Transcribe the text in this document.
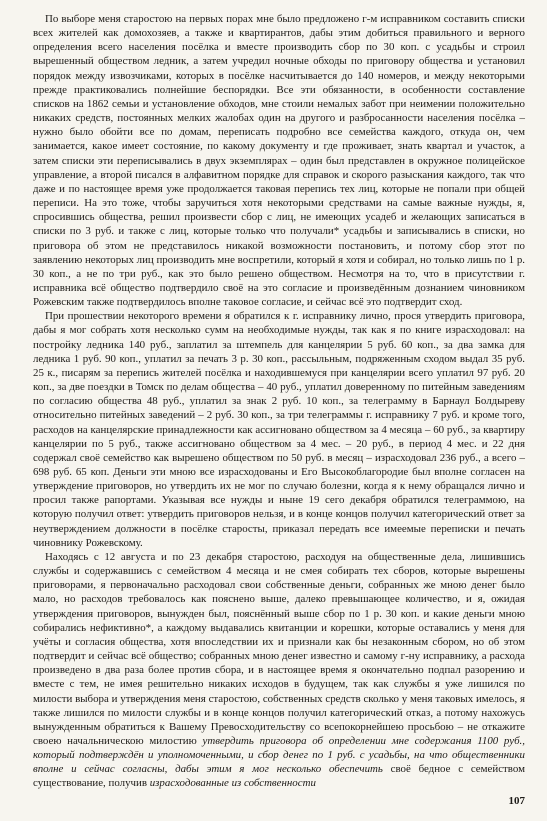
По выборе меня старостою на первых порах мне было предложено г-м исправником составить списки всех жителей как домохозяев, а также и квартирантов, дабы этим добиться правильного и верного определения всего населения посёлка и вместе производить сбор по 30 коп. с усадьбы и строил вырешенный обществом ледник, а затем учредил ночные обходы по приговору общества и установил порядок между извозчиками, которых в посёлке насчитывается до 140 номеров, и между некоторыми прежде практиковались полнейшие беспорядки. Все эти обязанности, в особенности составление списков на 1862 семьи и установление обходов, мне стоили немалых забот при неимении положительно никаких средств, постоянных мелких жалобах один на другого и разбросанности населения посёлка – нужно было обойти все по домам, переписать подробно все семейства каждого, откуда он, чем занимается, какое имеет состояние, по какому документу и где проживает, знать квартал и участок, а затем списки эти переписывались в двух экземплярах – один был представлен в окружное полицейское управление, а второй писался в алфавитном порядке для справок и скорого разыскания каждого, так что даже и по настоящее время уже продолжается таковая перепись тех лиц, которые не попали при общей переписи. На это тоже, чтобы зaручиться хотя некоторыми средствами на самые важные нужды, я, спросившись общества, решил произвести сбор с лиц, не имеющих усадеб и желающих записаться в списки по 3 руб. и также с лиц, которые только что получали* усадьбы и записывались в списки, но приговора об этом не представилось никакой возможности постановить, и потому сбор этот по заявлению некоторых лиц производить мне воспретили, который я хотя и собирал, но только лишь по 1 р. 30 коп., а не по три руб., как это было решено обществом. Несмотря на то, что в присутствии г. исправника всё общество подтвердило своё на это согласие и произведённым дознанием чиновником Рожевским также подтвердилось вполне таковое согласие, и сейчас всё это подтвердит сход.

При прошествии некоторого времени я обратился к г. исправнику лично, прося утвердить приговора, дабы я мог собрать хотя несколько сумм на необходимые нужды, так как я по книге израсходовал: на постройку ледника 140 руб., заплатил за штемпель для канцелярии 5 руб. 60 коп., за два замка для ледника 1 руб. 90 коп., уплатил за печать 3 р. 30 коп., рассыльным, подряженным сходом выдал 35 руб. 25 к., писарям за перепись жителей посёлка и находившемуся при канцелярии всего уплатил 97 руб. 20 коп., за две поездки в Томск по делам общества – 40 руб., уплатил доверенному по питейным заведениям по согласию общества 48 руб., уплатил за знак 2 руб. 10 коп., за телеграмму в Барнаул Болдыреву относительно питейных заведений – 2 руб. 30 коп., за три телеграммы г. исправнику 7 руб. и кроме того, расходов на канцелярские принадлежности как ассигновано обществом за 4 месяца – 60 руб., за квартиру канцелярии по 5 руб., также ассигновано обществом за 4 мес. – 20 руб., в период 4 мес. и 22 дня содержал своё семейство как вырешено обществом по 50 руб. в месяц – израсходовал 236 руб., а всего – 698 руб. 65 коп. Деньги эти мною все израсходованы и Его Высокоблагородие был вполне согласен на утверждение приговоров, но утвердить их не мог по случаю болезни, когда я к нему обращался лично и просил также рапортами. Указывая все нужды и ныне 19 сего декабря обратился телеграммою, на которую получил ответ: утвердить приговоров нельзя, и в конце концов получил категорический ответ за неутверждением должности в посёлке старосты, приказал передать все имеемые переписки и печать чиновнику Рожевскому.

Находясь с 12 августа и по 23 декабря старостою, расходуя на общественные дела, лишившись службы и содержавшись с семейством 4 месяца и не смея собирать тех сборов, которые вырешены приговорами, я первоначально расходовал свои собственные деньги, собранных же мною денег было мало, но расходов требовалось как пояснено выше, далеко превышающее количество, и я, ожидая утверждения приговоров, вынужден был, пояснённый выше сбор по 1 р. 30 коп. и какие деньги мною собирались нефиктивно*, а каждому выдавались квитанции и корешки, которые оставались у меня для учёты и согласия общества, хотя впоследствии их и признали как бы незаконным сбором, но об этом подтвердит и сейчас всё общество; собранных мною денег известно и самому г-ну исправнику, а расхода произведено в два раза более против сбора, и в настоящее время я окончательно подпал разорению и вместе с тем, не имея решительно никаких исходов в будущем, так как службы я уже лишился по милости выбора и утверждения меня старостою, собственных средств сколько у меня таковых имелось, я также лишился по милости службы и в конце концов получил категорический отказ, а потому нахожусь вынужденным обратиться к Вашему Превосходительству со всепокорнейшею просьбою – не откажите своею начальническою милостию утвердить приговора об определении мне содержания 1100 руб., который подтверждён и уполномоченными, и сбор денег по 1 руб. с усадьбы, на что общественники вполне и сейчас согласны, дабы этим я мог несколько обеспечить своё бедное с семейством существование, получив израсходованные из собственности

107
